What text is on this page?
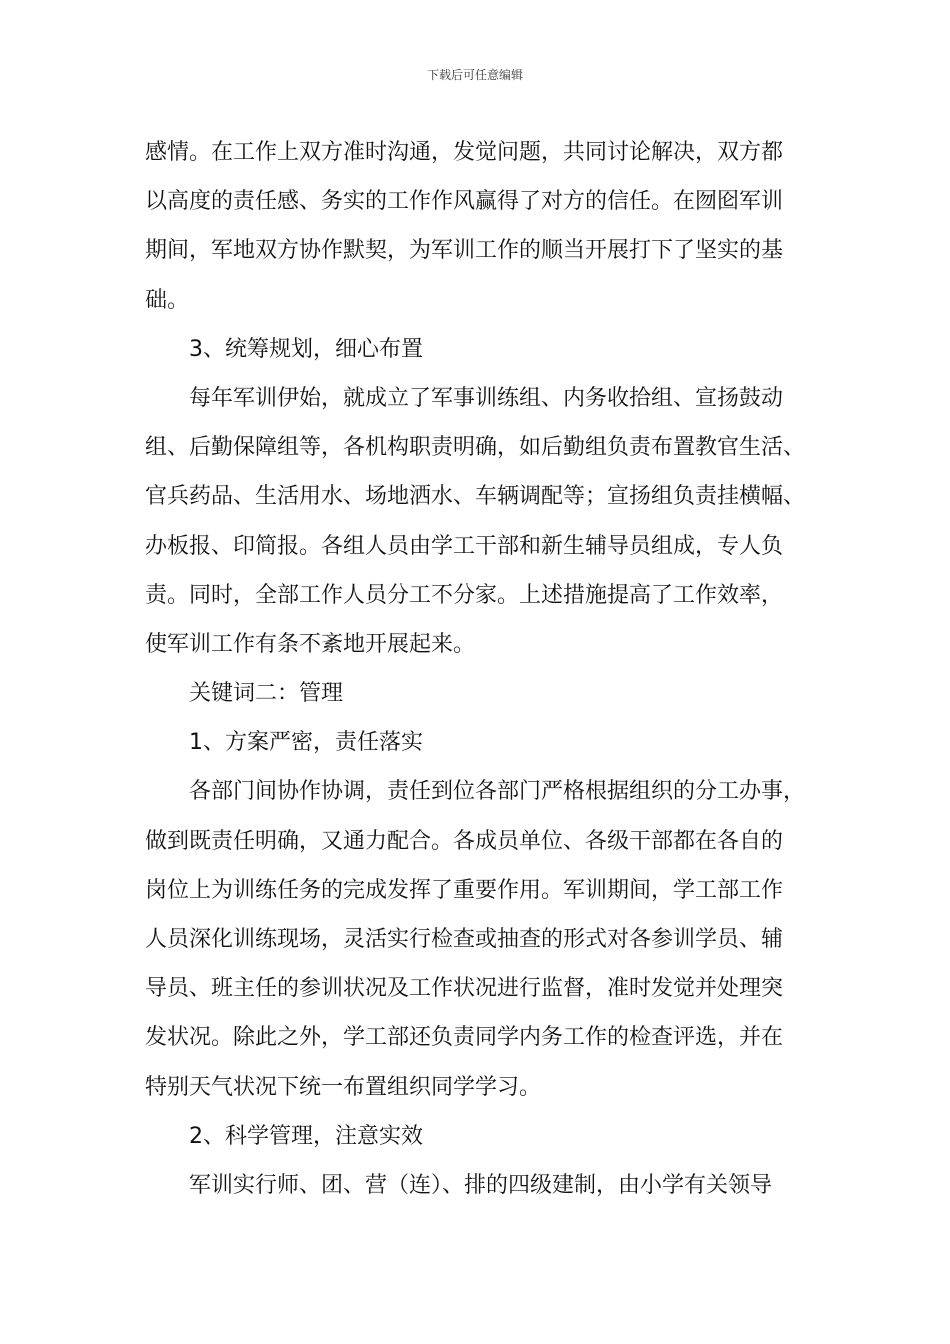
下载后可任意编辑
感情。在工作上双方准时沟通，发觉问题，共同讨论解决，双方都
以高度的责任感、务实的工作作风赢得了对方的信任。在囫囵军训
期间，军地双方协作默契，为军训工作的顺当开展打下了坚实的基
础。
3、统筹规划，细心布置
每年军训伊始，就成立了军事训练组、内务收拾组、宣扬鼓动
组、后勤保障组等，各机构职责明确，如后勤组负责布置教官生活、
官兵药品、生活用水、场地洒水、车辆调配等；宣扬组负责挂横幅、
办板报、印简报。各组人员由学工干部和新生辅导员组成，专人负
责。同时，全部工作人员分工不分家。上述措施提高了工作效率，
使军训工作有条不紊地开展起来。
关键词二：管理
1、方案严密，责任落实
各部门间协作协调，责任到位各部门严格根据组织的分工办事，
做到既责任明确，又通力配合。各成员单位、各级干部都在各自的
岗位上为训练任务的完成发挥了重要作用。军训期间，学工部工作
人员深化训练现场，灵活实行检查或抽查的形式对各参训学员、辅
导员、班主任的参训状况及工作状况进行监督，准时发觉并处理突
发状况。除此之外，学工部还负责同学内务工作的检查评选，并在
特别天气状况下统一布置组织同学学习。
2、科学管理，注意实效
军训实行师、团、营（连）、排的四级建制，由小学有关领导
